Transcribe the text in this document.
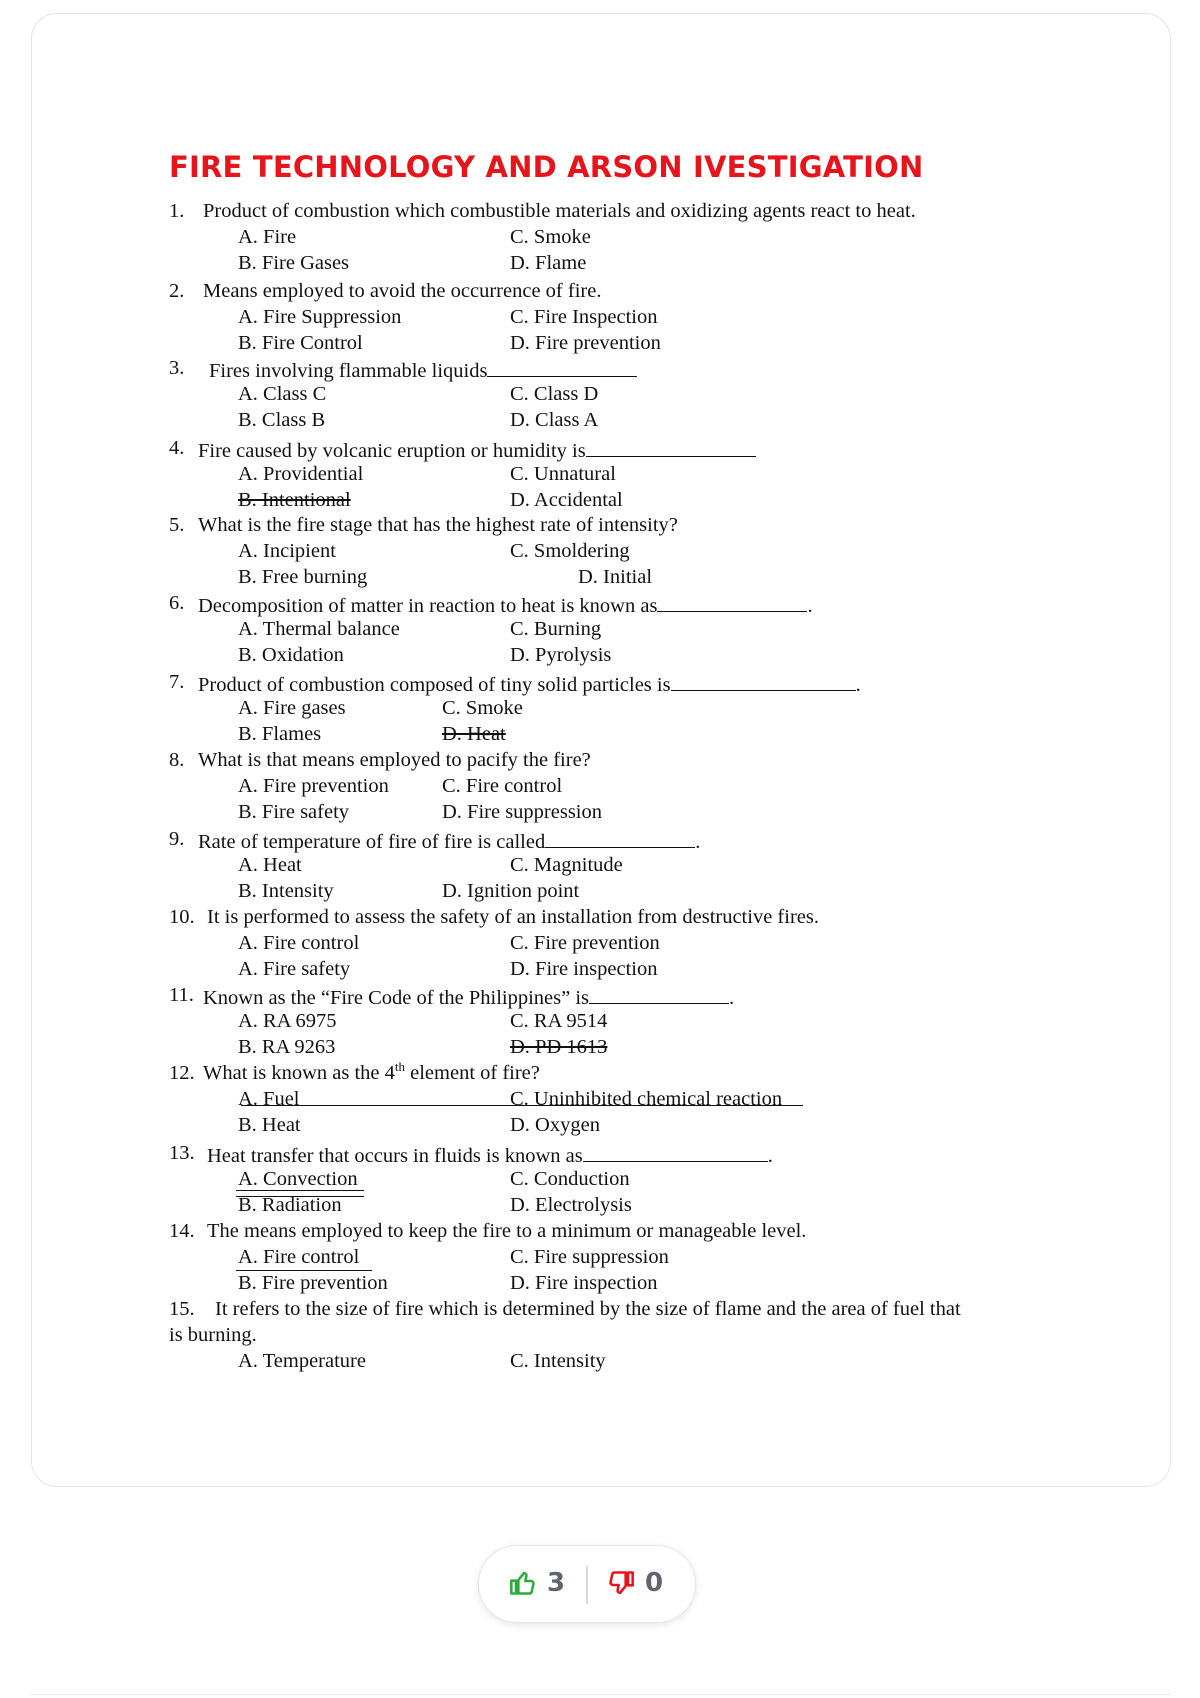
FIRE TECHNOLOGY AND ARSON IVESTIGATION
1. Product of combustion which combustible materials and oxidizing agents react to heat.
A. Fire	C. Smoke
B. Fire Gases	D. Flame
2. Means employed to avoid the occurrence of fire.
A. Fire Suppression	C. Fire Inspection
B. Fire Control	D. Fire prevention
3. Fires involving flammable liquids
A. Class C	C. Class D
B. Class B	D. Class A
4. Fire caused by volcanic eruption or humidity is
A. Providential	C. Unnatural
B. Intentional	D. Accidental
5. What is the fire stage that has the highest rate of intensity?
A. Incipient	C. Smoldering
B. Free burning	D. Initial
6. Decomposition of matter in reaction to heat is known as	.
A. Thermal balance	C. Burning
B. Oxidation	D. Pyrolysis
7. Product of combustion composed of tiny solid particles is	.
A. Fire gases	C. Smoke
B. Flames	D. Heat
8. What is that means employed to pacify the fire?
A. Fire prevention	C. Fire control
B. Fire safety	D. Fire suppression
9. Rate of temperature of fire of fire is called	.
A. Heat	C. Magnitude
B. Intensity	D. Ignition point
10. It is performed to assess the safety of an installation from destructive fires.
A. Fire control	C. Fire prevention
A. Fire safety	D. Fire inspection
11. Known as the “Fire Code of the Philippines” is	.
A. RA 6975	C. RA 9514
B. RA 9263	D. PD 1613
12. What is known as the 4th element of fire?
A. Fuel	C. Uninhibited chemical reaction
B. Heat	D. Oxygen
13. Heat transfer that occurs in fluids is known as	.
A. Convection	C. Conduction
B. Radiation	D. Electrolysis
14. The means employed to keep the fire to a minimum or manageable level.
A. Fire control	C. Fire suppression
B. Fire prevention	D. Fire inspection
15. It refers to the size of fire which is determined by the size of flame and the area of fuel that
is burning.
A. Temperature	C. Intensity
3	0
